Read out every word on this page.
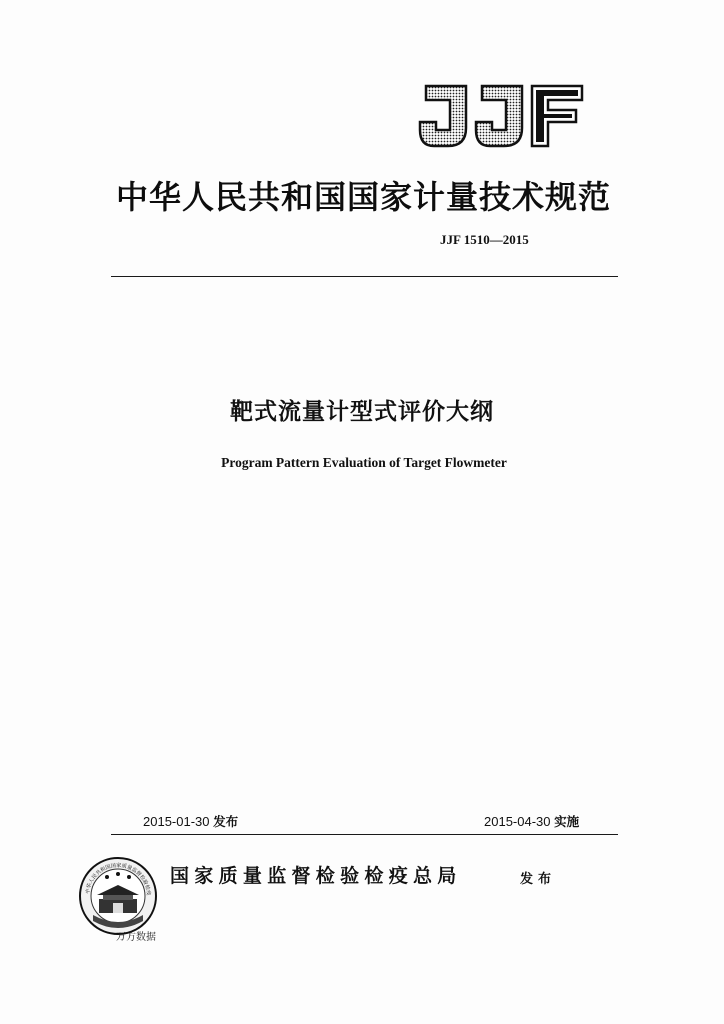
中华人民共和国国家计量技术规范
JJF 1510—2015
靶式流量计型式评价大纲
Program Pattern Evaluation of Target Flowmeter
2015-01-30 发布	2015-04-30 实施
中华人民共和国国家质量监督检验检疫
国家质量监督检验检疫总局	发布
万方数据
